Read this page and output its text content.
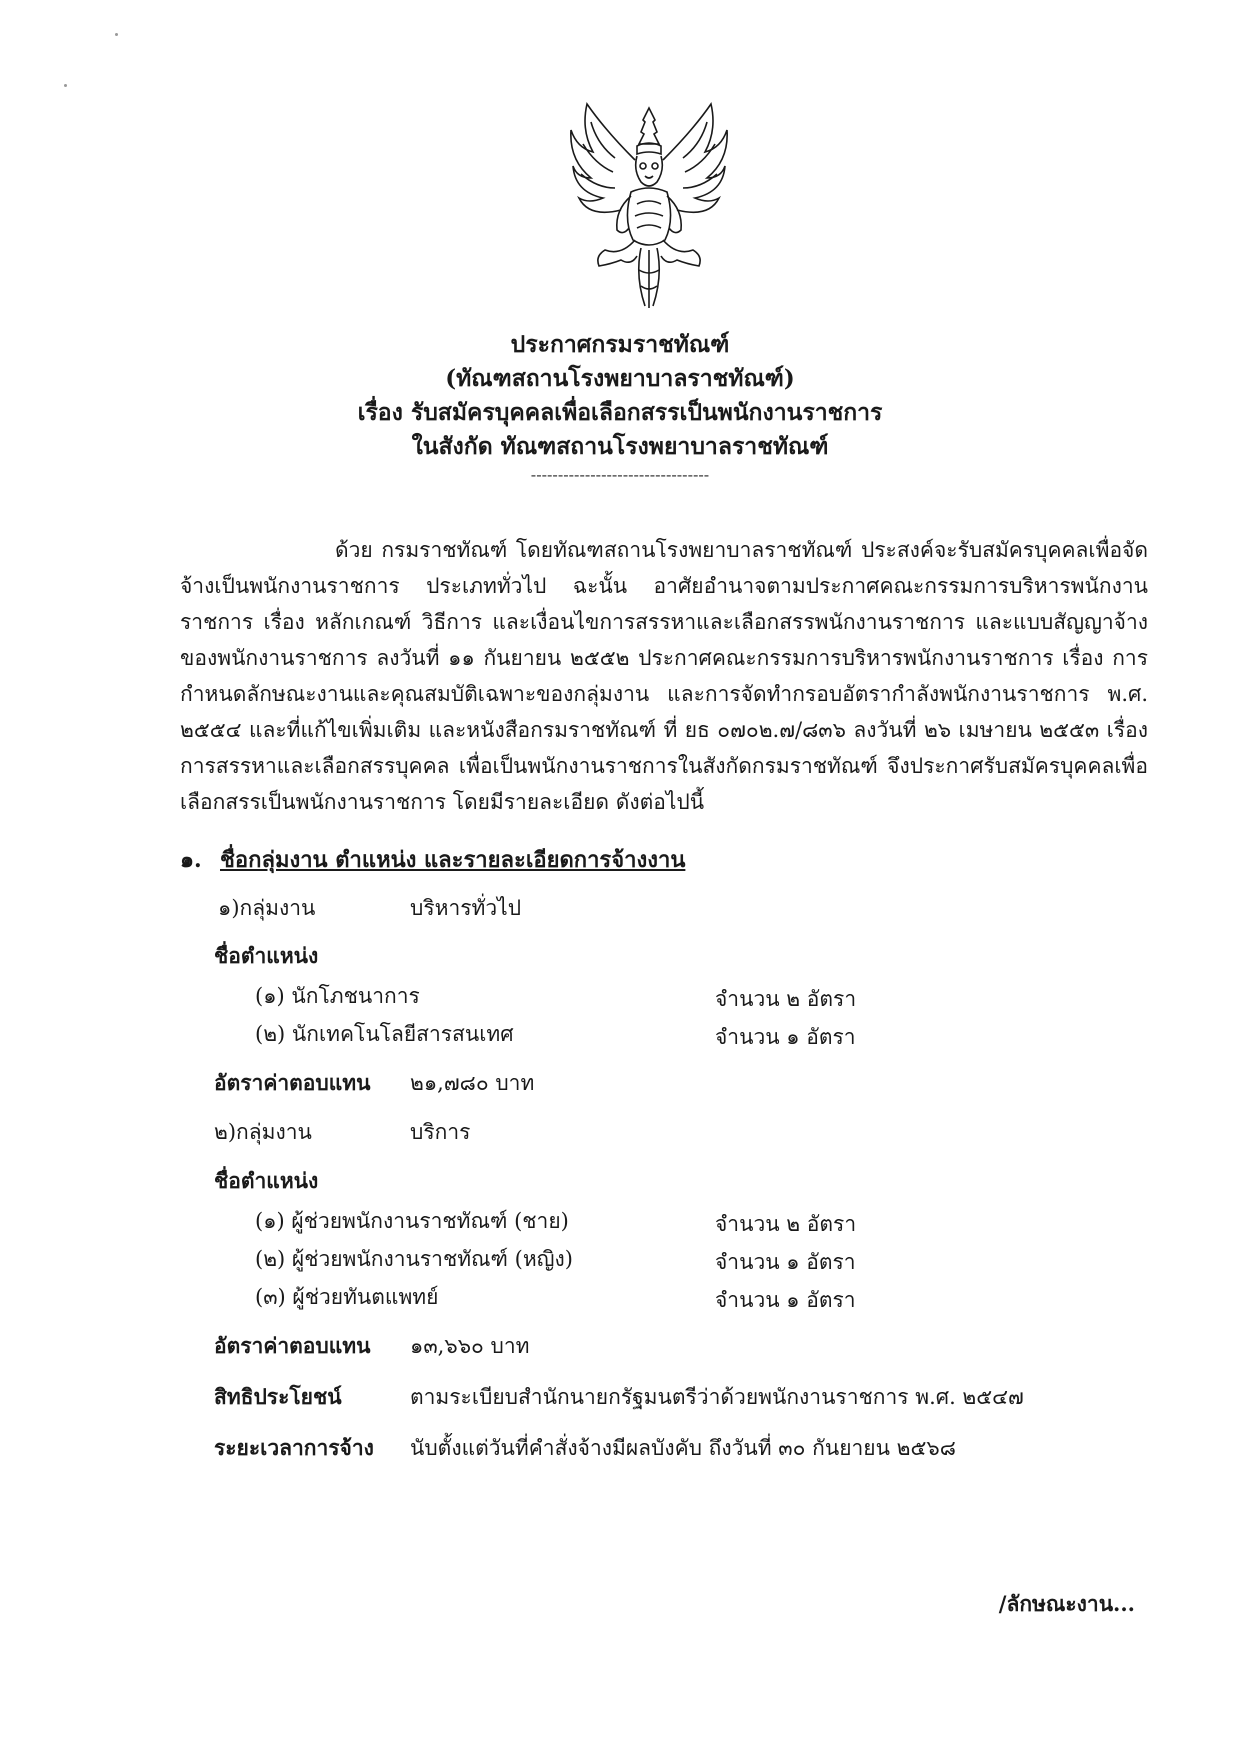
ประกาศกรมราชทัณฑ์
(ทัณฑสถานโรงพยาบาลราชทัณฑ์)
เรื่อง รับสมัครบุคคลเพื่อเลือกสรรเป็นพนักงานราชการ
ในสังกัด ทัณฑสถานโรงพยาบาลราชทัณฑ์
---------------------------------

ด้วย กรมราชทัณฑ์ โดยทัณฑสถานโรงพยาบาลราชทัณฑ์ ประสงค์จะรับสมัครบุคคลเพื่อจัดจ้างเป็นพนักงานราชการ ประเภททั่วไป ฉะนั้น อาศัยอำนาจตามประกาศคณะกรรมการบริหารพนักงานราชการ เรื่อง หลักเกณฑ์ วิธีการ และเงื่อนไขการสรรหาและเลือกสรรพนักงานราชการ และแบบสัญญาจ้างของพนักงานราชการ ลงวันที่ ๑๑ กันยายน ๒๕๕๒ ประกาศคณะกรรมการบริหารพนักงานราชการ เรื่อง การกำหนดลักษณะงานและคุณสมบัติเฉพาะของกลุ่มงาน และการจัดทำกรอบอัตรากำลังพนักงานราชการ พ.ศ. ๒๕๕๔ และที่แก้ไขเพิ่มเติม และหนังสือกรมราชทัณฑ์ ที่ ยธ ๐๗๐๒.๗/๘๓๖ ลงวันที่ ๒๖ เมษายน ๒๕๕๓ เรื่อง การสรรหาและเลือกสรรบุคคล เพื่อเป็นพนักงานราชการในสังกัดกรมราชทัณฑ์ จึงประกาศรับสมัครบุคคลเพื่อเลือกสรรเป็นพนักงานราชการ โดยมีรายละเอียด ดังต่อไปนี้

๑. ชื่อกลุ่มงาน ตำแหน่ง และรายละเอียดการจ้างงาน
๑)กลุ่มงาน	บริหารทั่วไป
ชื่อตำแหน่ง
(๑) นักโภชนาการ	จำนวน ๒ อัตรา
(๒) นักเทคโนโลยีสารสนเทศ	จำนวน ๑ อัตรา
อัตราค่าตอบแทน ๒๑,๗๘๐ บาท
๒)กลุ่มงาน	บริการ
ชื่อตำแหน่ง
(๑) ผู้ช่วยพนักงานราชทัณฑ์ (ชาย)	จำนวน ๒ อัตรา
(๒) ผู้ช่วยพนักงานราชทัณฑ์ (หญิง)	จำนวน ๑ อัตรา
(๓) ผู้ช่วยทันตแพทย์	จำนวน ๑ อัตรา
อัตราค่าตอบแทน ๑๓,๖๖๐ บาท
สิทธิประโยชน์	ตามระเบียบสำนักนายกรัฐมนตรีว่าด้วยพนักงานราชการ พ.ศ. ๒๕๔๗
ระยะเวลาการจ้าง นับตั้งแต่วันที่คำสั่งจ้างมีผลบังคับ ถึงวันที่ ๓๐ กันยายน ๒๕๖๘
/ลักษณะงาน...
